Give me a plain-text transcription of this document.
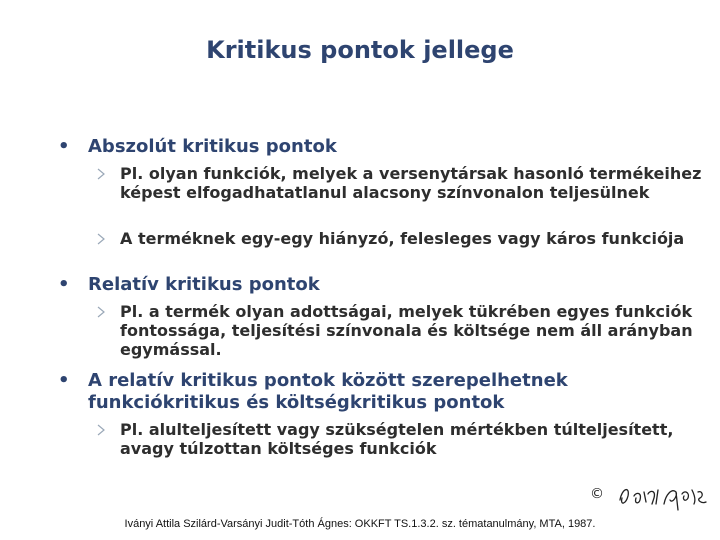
Kritikus pontok jellege
• Abszolút kritikus pontok
Pl. olyan funkciók, melyek a versenytársak hasonló termékeihez képest elfogadhatatlanul alacsony színvonalon teljesülnek
A terméknek egy-egy hiányzó, felesleges vagy káros funkciója
• Relatív kritikus pontok
Pl. a termék olyan adottságai, melyek tükrében egyes funkciók fontossága, teljesítési színvonala és költsége nem áll arányban egymással.
• A relatív kritikus pontok között szerepelhetnek funkciókritikus és költségkritikus pontok
Pl. alulteljesített vagy szükségtelen mértékben túlteljesített, avagy túlzottan költséges funkciók
©
Iványi Attila Szilárd-Varsányi Judit-Tóth Ágnes: OKKFT TS.1.3.2. sz. tématanulmány, MTA, 1987.
